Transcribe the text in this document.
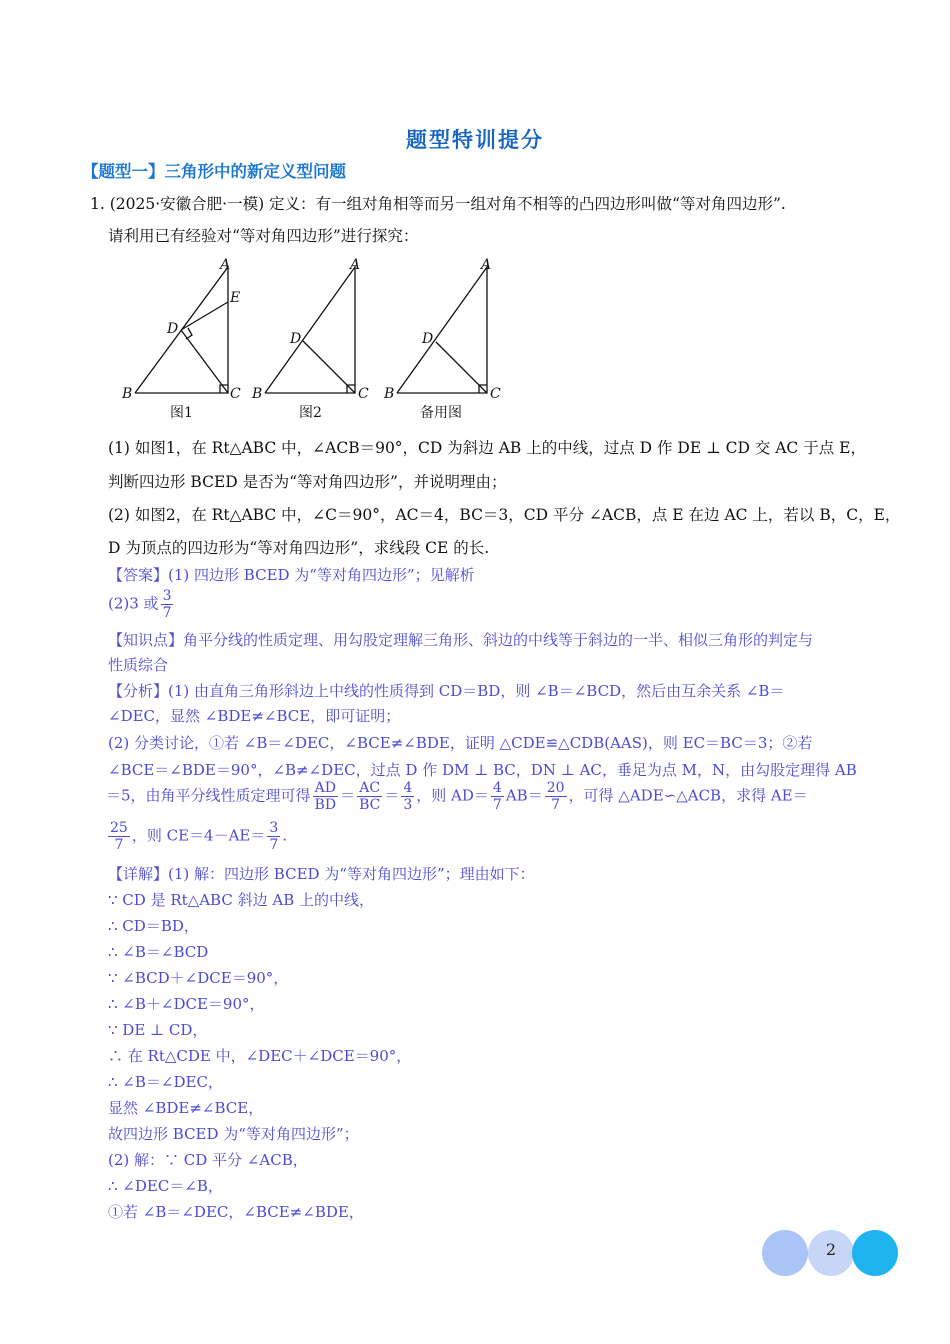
题型特训提分
【题型一】三角形中的新定义型问题
1. (2025·安徽合肥·一模) 定义：有一组对角相等而另一组对角不相等的凸四边形叫做“等对角四边形”.
请利用已有经验对“等对角四边形”进行探究：
A
E
D
B	C
A
D
B	C
A
D
B	C
图1	图2	备用图
(1) 如图1，在 Rt△ABC 中，∠ACB＝90°，CD 为斜边 AB 上的中线，过点 D 作 DE ⊥ CD 交 AC 于点 E，
判断四边形 BCED 是否为“等对角四边形”，并说明理由；
(2) 如图2，在 Rt△ABC 中，∠C＝90°，AC＝4，BC＝3，CD 平分 ∠ACB，点 E 在边 AC 上，若以 B，C，E，
D 为顶点的四边形为“等对角四边形”，求线段 CE 的长.
【答案】(1) 四边形 BCED 为“等对角四边形”；见解析
(2)3 或 $\frac{3}{7}$
【知识点】角平分线的性质定理、用勾股定理解三角形、斜边的中线等于斜边的一半、相似三角形的判定与
性质综合
【分析】(1) 由直角三角形斜边上中线的性质得到 CD＝BD，则 ∠B＝∠BCD，然后由互余关系 ∠B＝
∠DEC，显然 ∠BDE≠∠BCE，即可证明；
(2) 分类讨论，①若 ∠B＝∠DEC，∠BCE≠∠BDE，证明 △CDE≌△CDB(AAS)，则 EC＝BC＝3；②若
∠BCE＝∠BDE＝90°，∠B≠∠DEC，过点 D 作 DM ⊥ BC，DN ⊥ AC，垂足为点 M，N，由勾股定理得 AB
＝5，由角平分线性质定理可得 $\frac{AD}{BD} = \frac{AC}{BC} = \frac{4}{3}$ ，则 $AD= \frac{4}{7} AB= \frac{20}{7}$ ，可得 △ADE∽△ACB，求得 AE＝
$\frac{25}{7}$ ，则 $CE=4-AE= \frac{3}{7}$ .
【详解】(1) 解：四边形 BCED 为“等对角四边形”；理由如下：
∵ CD 是 Rt△ABC 斜边 AB 上的中线，
∴ CD＝BD，
∴ ∠B＝∠BCD
∵ ∠BCD＋∠DCE＝90°，
∴ ∠B＋∠DCE＝90°，
∵ DE ⊥ CD，
∴ 在 Rt△CDE 中，∠DEC＋∠DCE＝90°，
∴ ∠B＝∠DEC，
显然 ∠BDE≠∠BCE，
故四边形 BCED 为“等对角四边形”；
(2) 解：∵ CD 平分 ∠ACB，
∴ ∠DEC＝∠B，
①若 ∠B＝∠DEC，∠BCE≠∠BDE，
2
